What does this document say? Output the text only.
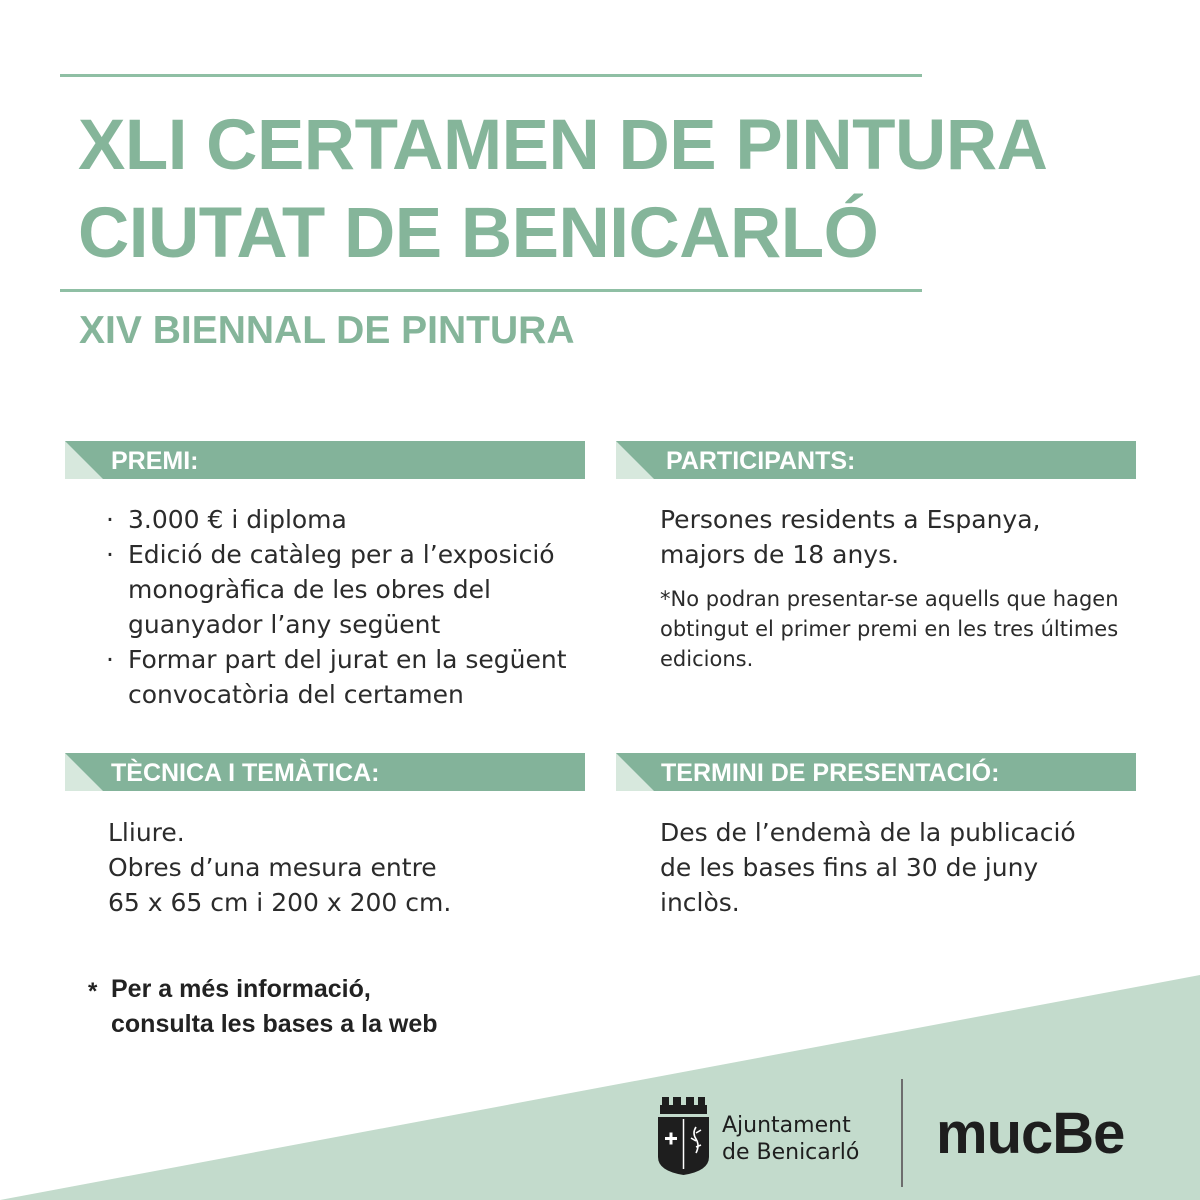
XLI CERTAMEN DE PINTURA
CIUTAT DE BENICARLÓ
XIV BIENNAL DE PINTURA
PREMI:
· 3.000 € i diploma
· Edició de catàleg per a l’exposició monogràfica de les obres del guanyador l’any següent
· Formar part del jurat en la següent convocatòria del certamen
PARTICIPANTS:
Persones residents a Espanya,
majors de 18 anys.
*No podran presentar-se aquells que hagen obtingut el primer premi en les tres últimes edicions.
TÈCNICA I TEMÀTICA:
Lliure.
Obres d’una mesura entre
65 x 65 cm i 200 x 200 cm.
TERMINI DE PRESENTACIÓ:
Des de l’endemà de la publicació de les bases fins al 30 de juny inclòs.
* Per a més informació,
consulta les bases a la web
Ajuntament
de Benicarló mucBe
